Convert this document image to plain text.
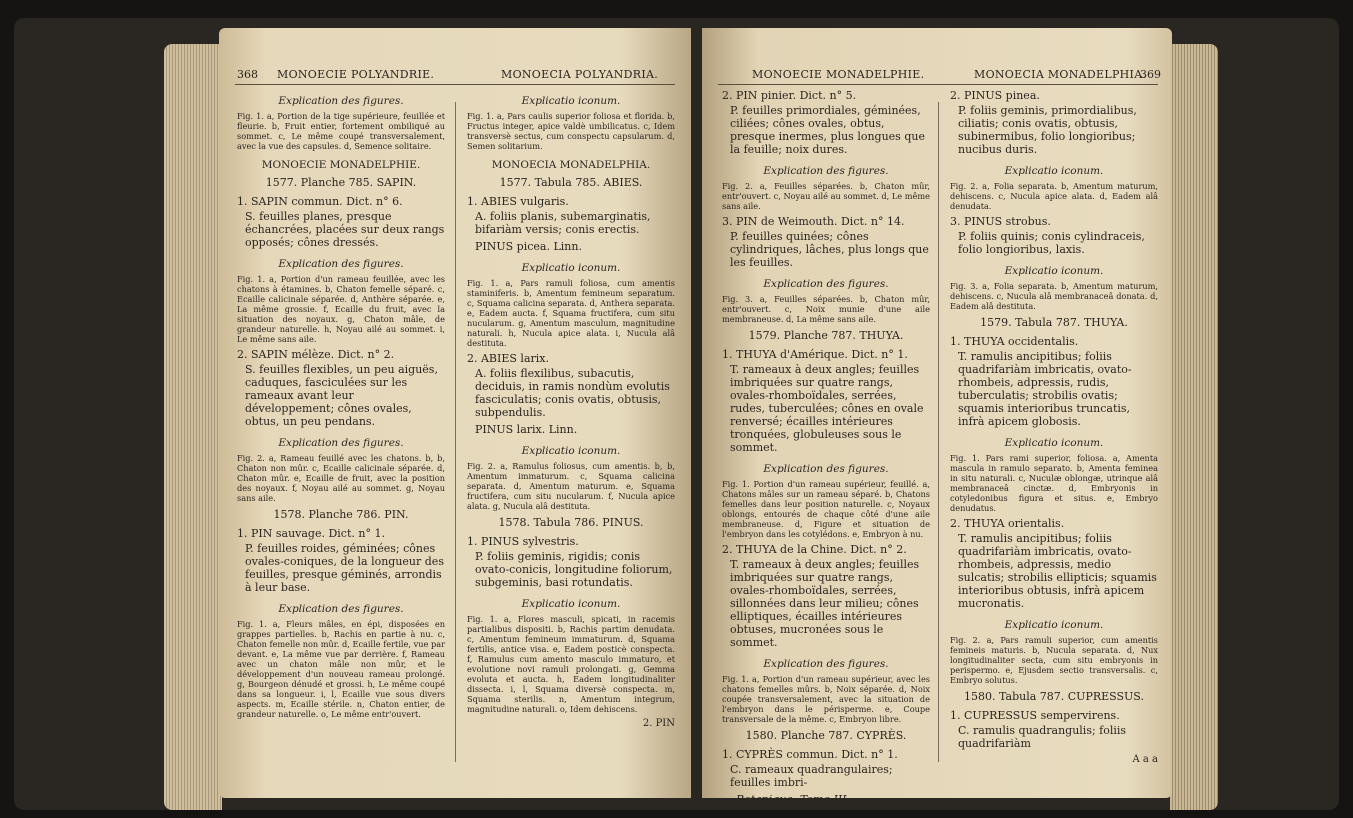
368 MONOECIE POLYANDRIE.	MONOECIA POLYANDRIA.
Explication des figures.
Fig. 1. a, Portion de la tige supérieure, feuillée et fleurie. b, Fruit entier, fortement ombiliqué au sommet. c, Le même coupé transversalement, avec la vue des capsules. d, Semence solitaire.
MONOECIE MONADELPHIE.
1577. Planche 785. SAPIN.
1. SAPIN commun. Dict. n° 6.
S. feuilles planes, presque échancrées, placées sur deux rangs opposés; cônes dressés.
Explication des figures.
Fig. 1. a, Portion d'un rameau feuillée, avec les chatons à étamines. b, Chaton femelle séparé. c, Ecaille calicinale séparée. d, Anthère séparée. e, La même grossie. f, Ecaille du fruit, avec la situation des noyaux. g, Chaton mâle, de grandeur naturelle. h, Noyau ailé au sommet. i, Le même sans aile.
2. SAPIN mélèze. Dict. n° 2.
S. feuilles flexibles, un peu aiguës, caduques, fasciculées sur les rameaux avant leur développement; cônes ovales, obtus, un peu pendans.
Explication des figures.
Fig. 2. a, Rameau feuillé avec les chatons. b, b, Chaton non mûr. c, Ecaille calicinale séparée. d, Chaton mûr. e, Ecaille de fruit, avec la position des noyaux. f, Noyau ailé au sommet. g, Noyau sans aile.
1578. Planche 786. PIN.
1. PIN sauvage. Dict. n° 1.
P. feuilles roides, géminées; cônes ovales-coniques, de la longueur des feuilles, presque géminés, arrondis à leur base.
Explication des figures.
Fig. 1. a, Fleurs mâles, en épi, disposées en grappes partielles. b, Rachis en partie à nu. c, Chaton femelle non mûr. d, Ecaille fertile, vue par devant. e, La même vue par derrière. f, Rameau avec un chaton mâle non mûr, et le développement d'un nouveau rameau prolongé. g, Bourgeon dénudé et grossi. h, Le même coupé dans sa longueur. i, l, Ecaille vue sous divers aspects. m, Ecaille stérile. n, Chaton entier, de grandeur naturelle. o, Le même entr'ouvert.
Explicatio iconum.
Fig. 1. a, Pars caulis superior foliosa et florida. b, Fructus integer, apice valdè umbilicatus. c, Idem transversè sectus, cum conspectu capsularum. d, Semen solitarium.
MONOECIA MONADELPHIA.
1577. Tabula 785. ABIES.
1. ABIES vulgaris.
A. foliis planis, subemarginatis, bifariàm versis; conis erectis.
PINUS picea. Linn.
Explicatio iconum.
Fig. 1. a, Pars ramuli foliosa, cum amentis staminiferis. b, Amentum femineum separatum. c, Squama calicina separata. d, Anthera separata. e, Eadem aucta. f, Squama fructifera, cum situ nucularum. g, Amentum masculum, magnitudine naturali. h, Nucula apice alata. i, Nucula alâ destituta.
2. ABIES larix.
A. foliis flexilibus, subacutis, deciduis, in ramis nondùm evolutis fasciculatis; conis ovatis, obtusis, subpendulis.
PINUS larix. Linn.
Explicatio iconum.
Fig. 2. a, Ramulus foliosus, cum amentis. b, b, Amentum immaturum. c, Squama calicina separata. d, Amentum maturum. e, Squama fructifera, cum situ nucularum. f, Nucula apice alata. g, Nucula alâ destituta.
1578. Tabula 786. PINUS.
1. PINUS sylvestris.
P. foliis geminis, rigidis; conis ovato-conicis, longitudine foliorum, subgeminis, basi rotundatis.
Explicatio iconum.
Fig. 1. a, Flores masculi, spicati, in racemis partialibus dispositi. b, Rachis partim denudata. c, Amentum femineum immaturum. d, Squama fertilis, antice visa. e, Eadem posticè conspecta. f, Ramulus cum amento masculo immaturo, et evolutione novi ramuli prolongati. g, Gemma evoluta et aucta. h, Eadem longitudinaliter dissecta. i, l, Squama diversè conspecta. m, Squama sterilis. n, Amentum integrum, magnitudine naturali. o, Idem dehiscens.
2. PIN
MONOECIE MONADELPHIE.	MONOECIA MONADELPHIA.
369
2. PIN pinier. Dict. n° 5.
P. feuilles primordiales, géminées, ciliées; cônes ovales, obtus, presque inermes, plus longues que la feuille; noix dures.
Explication des figures.
Fig. 2. a, Feuilles séparées. b, Chaton mûr, entr'ouvert. c, Noyau ailé au sommet. d, Le même sans aile.
3. PIN de Weimouth. Dict. n° 14.
P. feuilles quinées; cônes cylindriques, lâches, plus longs que les feuilles.
Explication des figures.
Fig. 3. a, Feuilles séparées. b, Chaton mûr, entr'ouvert. c, Noix munie d'une aile membraneuse. d, La même sans aile.
1579. Planche 787. THUYA.
1. THUYA d'Amérique. Dict. n° 1.
T. rameaux à deux angles; feuilles imbriquées sur quatre rangs, ovales-rhomboïdales, serrées, rudes, tuberculées; cônes en ovale renversé; écailles intérieures tronquées, globuleuses sous le sommet.
Explication des figures.
Fig. 1. Portion d'un rameau supérieur, feuillé. a, Chatons mâles sur un rameau séparé. b, Chatons femelles dans leur position naturelle. c, Noyaux oblongs, entourés de chaque côté d'une aile membraneuse. d, Figure et situation de l'embryon dans les cotylédons. e, Embryon à nu.
2. THUYA de la Chine. Dict. n° 2.
T. rameaux à deux angles; feuilles imbriquées sur quatre rangs, ovales-rhomboïdales, serrées, sillonnées dans leur milieu; cônes elliptiques, écailles intérieures obtuses, mucronées sous le sommet.
Explication des figures.
Fig. 1. a, Portion d'un rameau supérieur, avec les chatons femelles mûrs. b, Noix séparée. d, Noix coupée transversalement, avec la situation de l'embryon dans le périsperme. e, Coupe transversale de la même. c, Embryon libre.
1580. Planche 787. CYPRÈS.
1. CYPRÈS commun. Dict. n° 1.
C. rameaux quadrangulaires; feuilles imbri-
Botanique. Tome III.
2. PINUS pinea.
P. foliis geminis, primordialibus, ciliatis; conis ovatis, obtusis, subinermibus, folio longioribus; nucibus duris.
Explicatio iconum.
Fig. 2. a, Folia separata. b, Amentum maturum, dehiscens. c, Nucula apice alata. d, Eadem alâ denudata.
3. PINUS strobus.
P. foliis quinis; conis cylindraceis, folio longioribus, laxis.
Explicatio iconum.
Fig. 3. a, Folia separata. b, Amentum maturum, dehiscens. c, Nucula alâ membranaceâ donata. d, Eadem alâ destituta.
1579. Tabula 787. THUYA.
1. THUYA occidentalis.
T. ramulis ancipitibus; foliis quadrifariàm imbricatis, ovato-rhombeis, adpressis, rudis, tuberculatis; strobilis ovatis; squamis interioribus truncatis, infrà apicem globosis.
Explicatio iconum.
Fig. 1. Pars rami superior, foliosa. a, Amenta mascula in ramulo separato. b, Amenta feminea in situ naturali. c, Nuculæ oblongæ, utrinque alâ membranaceâ cinctæ. d, Embryonis in cotyledonibus figura et situs. e, Embryo denudatus.
2. THUYA orientalis.
T. ramulis ancipitibus; foliis quadrifariàm imbricatis, ovato-rhombeis, adpressis, medio sulcatis; strobilis ellipticis; squamis interioribus obtusis, infrà apicem mucronatis.
Explicatio iconum.
Fig. 2. a, Pars ramuli superior, cum amentis femineis maturis. b, Nucula separata. d, Nux longitudinaliter secta, cum situ embryonis in perispermo. e, Ejusdem sectio transversalis. c, Embryo solutus.
1580. Tabula 787. CUPRESSUS.
1. CUPRESSUS sempervirens.
C. ramulis quadrangulis; foliis quadrifariàm
A a a
